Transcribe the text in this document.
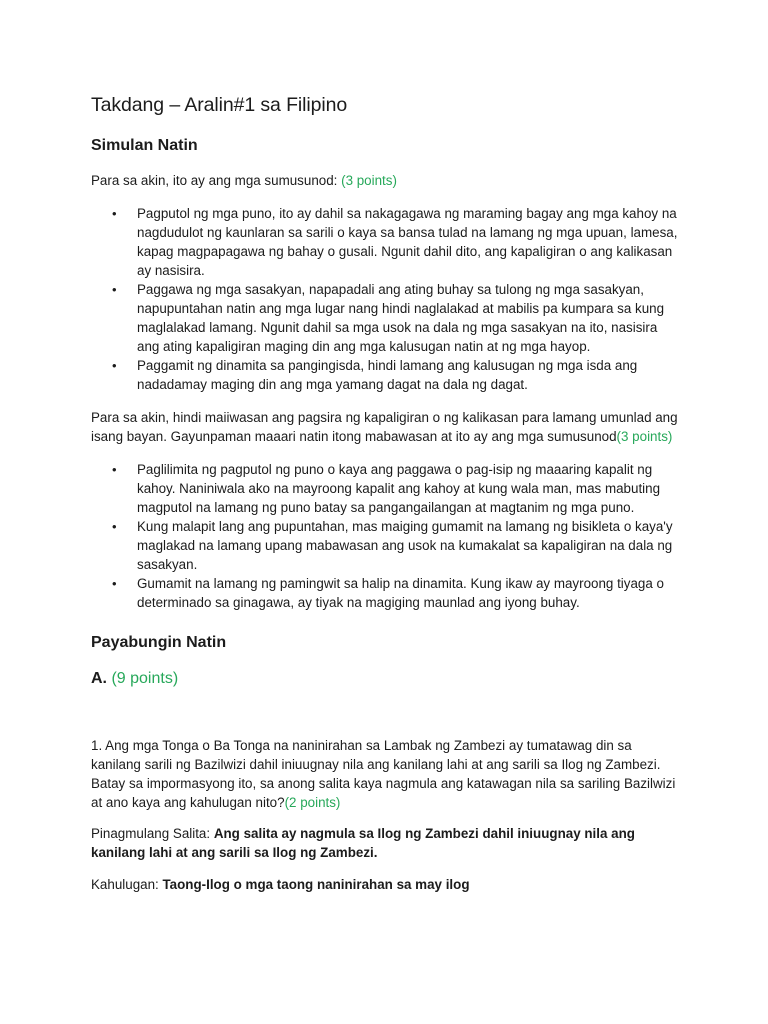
Takdang – Aralin#1 sa Filipino
Simulan Natin

Para sa akin, ito ay ang mga sumusunod: (3 points)

• Pagputol ng mga puno, ito ay dahil sa nakagagawa ng maraming bagay ang mga kahoy na nagdudulot ng kaunlaran sa sarili o kaya sa bansa tulad na lamang ng mga upuan, lamesa, kapag magpapagawa ng bahay o gusali. Ngunit dahil dito, ang kapaligiran o ang kalikasan ay nasisira.
• Paggawa ng mga sasakyan, napapadali ang ating buhay sa tulong ng mga sasakyan, napupuntahan natin ang mga lugar nang hindi naglalakad at mabilis pa kumpara sa kung maglalakad lamang. Ngunit dahil sa mga usok na dala ng mga sasakyan na ito, nasisira ang ating kapaligiran maging din ang mga kalusugan natin at ng mga hayop.
• Paggamit ng dinamita sa pangingisda, hindi lamang ang kalusugan ng mga isda ang nadadamay maging din ang mga yamang dagat na dala ng dagat.

Para sa akin, hindi maiiwasan ang pagsira ng kapaligiran o ng kalikasan para lamang umunlad ang isang bayan. Gayunpaman maaari natin itong mabawasan at ito ay ang mga sumusunod(3 points)

• Paglilimita ng pagputol ng puno o kaya ang paggawa o pag-isip ng maaaring kapalit ng kahoy. Naniniwala ako na mayroong kapalit ang kahoy at kung wala man, mas mabuting magputol na lamang ng puno batay sa pangangailangan at magtanim ng mga puno.
• Kung malapit lang ang pupuntahan, mas maiging gumamit na lamang ng bisikleta o kaya'y maglakad na lamang upang mabawasan ang usok na kumakalat sa kapaligiran na dala ng sasakyan.
• Gumamit na lamang ng pamingwit sa halip na dinamita. Kung ikaw ay mayroong tiyaga o determinado sa ginagawa, ay tiyak na magiging maunlad ang iyong buhay.
Payabungin Natin
A. (9 points)

1. Ang mga Tonga o Ba Tonga na naninirahan sa Lambak ng Zambezi ay tumatawag din sa kanilang sarili ng Bazilwizi dahil iniuugnay nila ang kanilang lahi at ang sarili sa Ilog ng Zambezi. Batay sa impormasyong ito, sa anong salita kaya nagmula ang katawagan nila sa sariling Bazilwizi at ano kaya ang kahulugan nito?(2 points)

Pinagmulang Salita: Ang salita ay nagmula sa Ilog ng Zambezi dahil iniuugnay nila ang kanilang lahi at ang sarili sa Ilog ng Zambezi.

Kahulugan: Taong-Ilog o mga taong naninirahan sa may ilog
